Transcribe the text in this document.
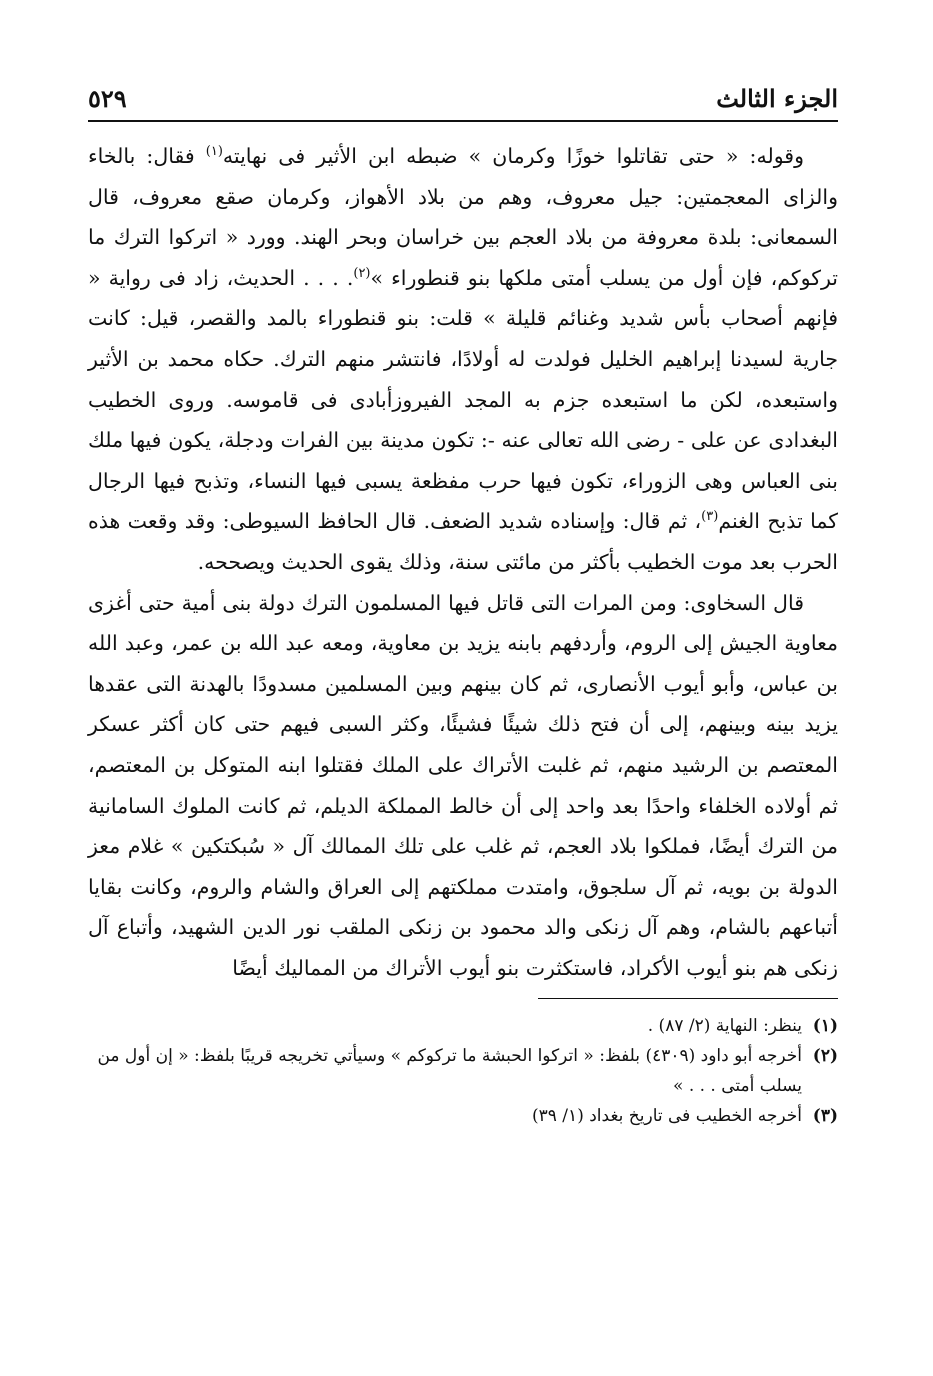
الجزء الثالث
٥٢٩

وقوله: « حتى تقاتلوا خوزًا وكرمان » ضبطه ابن الأثير فى نهايته$^{(١)}$ فقال: بالخاء والزاى المعجمتين: جيل معروف، وهم من بلاد الأهواز، وكرمان صقع معروف، قال السمعانى: بلدة معروفة من بلاد العجم بين خراسان وبحر الهند. وورد « اتركوا الترك ما تركوكم، فإن أول من يسلب أمتى ملكها بنو قنطوراء »$^{(٢)}$. . . . الحديث، زاد فى رواية « فإنهم أصحاب بأس شديد وغنائم قليلة » قلت: بنو قنطوراء بالمد والقصر، قيل: كانت جارية لسيدنا إبراهيم الخليل فولدت له أولادًا، فانتشر منهم الترك. حكاه محمد بن الأثير واستبعده، لكن ما استبعده جزم به المجد الفيروزأبادى فى قاموسه. وروى الخطيب البغدادى عن على - رضى الله تعالى عنه -: تكون مدينة بين الفرات ودجلة، يكون فيها ملك بنى العباس وهى الزوراء، تكون فيها حرب مفظعة يسبى فيها النساء، وتذبح فيها الرجال كما تذبح الغنم$^{(٣)}$، ثم قال: وإسناده شديد الضعف. قال الحافظ السيوطى: وقد وقعت هذه الحرب بعد موت الخطيب بأكثر من مائتى سنة، وذلك يقوى الحديث ويصححه.

قال السخاوى: ومن المرات التى قاتل فيها المسلمون الترك دولة بنى أمية حتى أغزى معاوية الجيش إلى الروم، وأردفهم بابنه يزيد بن معاوية، ومعه عبد الله بن عمر، وعبد الله بن عباس، وأبو أيوب الأنصارى، ثم كان بينهم وبين المسلمين مسدودًا بالهدنة التى عقدها يزيد بينه وبينهم، إلى أن فتح ذلك شيئًا فشيئًا، وكثر السبى فيهم حتى كان أكثر عسكر المعتصم بن الرشيد منهم، ثم غلبت الأتراك على الملك فقتلوا ابنه المتوكل بن المعتصم، ثم أولاده الخلفاء واحدًا بعد واحد إلى أن خالط المملكة الديلم، ثم كانت الملوك السامانية من الترك أيضًا، فملكوا بلاد العجم، ثم غلب على تلك الممالك آل « سُبكتكين » غلام معز الدولة بن بويه، ثم آل سلجوق، وامتدت مملكتهم إلى العراق والشام والروم، وكانت بقايا أتباعهم بالشام، وهم آل زنكى والد محمود بن زنكى الملقب نور الدين الشهيد، وأتباع آل زنكى هم بنو أيوب الأكراد، فاستكثرت بنو أيوب الأتراك من المماليك أيضًا

(١)
ينظر: النهاية (٢/ ٨٧) .
(٢)
أخرجه أبو داود (٤٣٠٩) بلفظ: « اتركوا الحبشة ما تركوكم » وسيأتي تخريجه قريبًا بلفظ: « إن أول من يسلب أمتى . . . »
(٣)
أخرجه الخطيب فى تاريخ بغداد (١/ ٣٩)
